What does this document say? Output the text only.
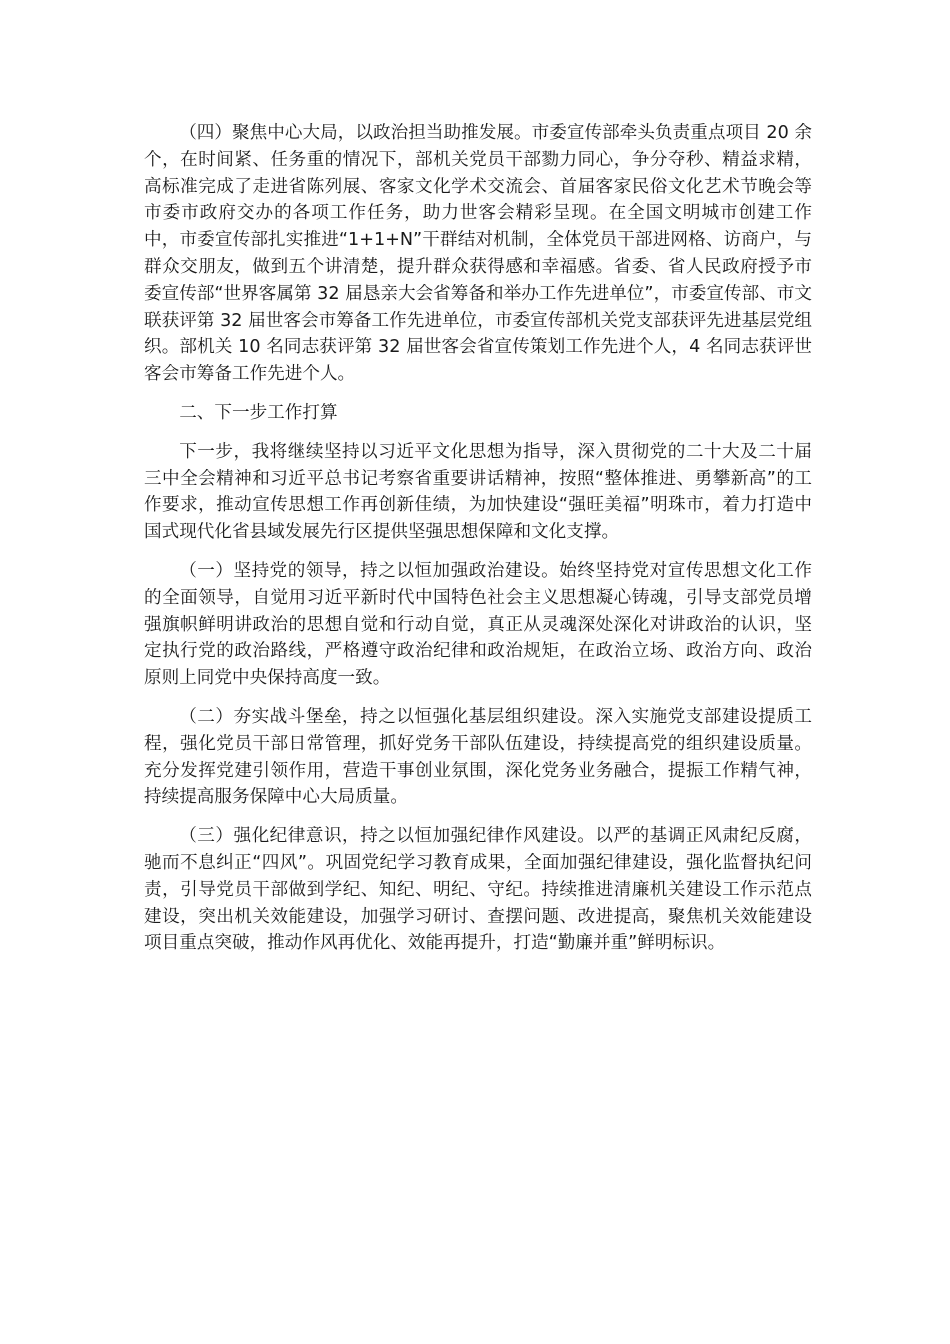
（四）聚焦中心大局，以政治担当助推发展。市委宣传部牵头负责重点项目 20 余个，在时间紧、任务重的情况下，部机关党员干部勠力同心，争分夺秒、精益求精，高标准完成了走进省陈列展、客家文化学术交流会、首届客家民俗文化艺术节晚会等市委市政府交办的各项工作任务，助力世客会精彩呈现。在全国文明城市创建工作中，市委宣传部扎实推进“1+1+N”干群结对机制，全体党员干部进网格、访商户，与群众交朋友，做到五个讲清楚，提升群众获得感和幸福感。省委、省人民政府授予市委宣传部“世界客属第 32 届恳亲大会省筹备和举办工作先进单位”，市委宣传部、市文联获评第 32 届世客会市筹备工作先进单位，市委宣传部机关党支部获评先进基层党组织。部机关 10 名同志获评第 32 届世客会省宣传策划工作先进个人，4 名同志获评世客会市筹备工作先进个人。

二、下一步工作打算

下一步，我将继续坚持以习近平文化思想为指导，深入贯彻党的二十大及二十届三中全会精神和习近平总书记考察省重要讲话精神，按照“整体推进、勇攀新高”的工作要求，推动宣传思想工作再创新佳绩，为加快建设“强旺美福”明珠市，着力打造中国式现代化省县域发展先行区提供坚强思想保障和文化支撑。

（一）坚持党的领导，持之以恒加强政治建设。始终坚持党对宣传思想文化工作的全面领导，自觉用习近平新时代中国特色社会主义思想凝心铸魂，引导支部党员增强旗帜鲜明讲政治的思想自觉和行动自觉，真正从灵魂深处深化对讲政治的认识，坚定执行党的政治路线，严格遵守政治纪律和政治规矩，在政治立场、政治方向、政治原则上同党中央保持高度一致。

（二）夯实战斗堡垒，持之以恒强化基层组织建设。深入实施党支部建设提质工程，强化党员干部日常管理，抓好党务干部队伍建设，持续提高党的组织建设质量。充分发挥党建引领作用，营造干事创业氛围，深化党务业务融合，提振工作精气神，持续提高服务保障中心大局质量。

（三）强化纪律意识，持之以恒加强纪律作风建设。以严的基调正风肃纪反腐，驰而不息纠正“四风”。巩固党纪学习教育成果，全面加强纪律建设，强化监督执纪问责，引导党员干部做到学纪、知纪、明纪、守纪。持续推进清廉机关建设工作示范点建设，突出机关效能建设，加强学习研讨、查摆问题、改进提高，聚焦机关效能建设项目重点突破，推动作风再优化、效能再提升，打造“勤廉并重”鲜明标识。
